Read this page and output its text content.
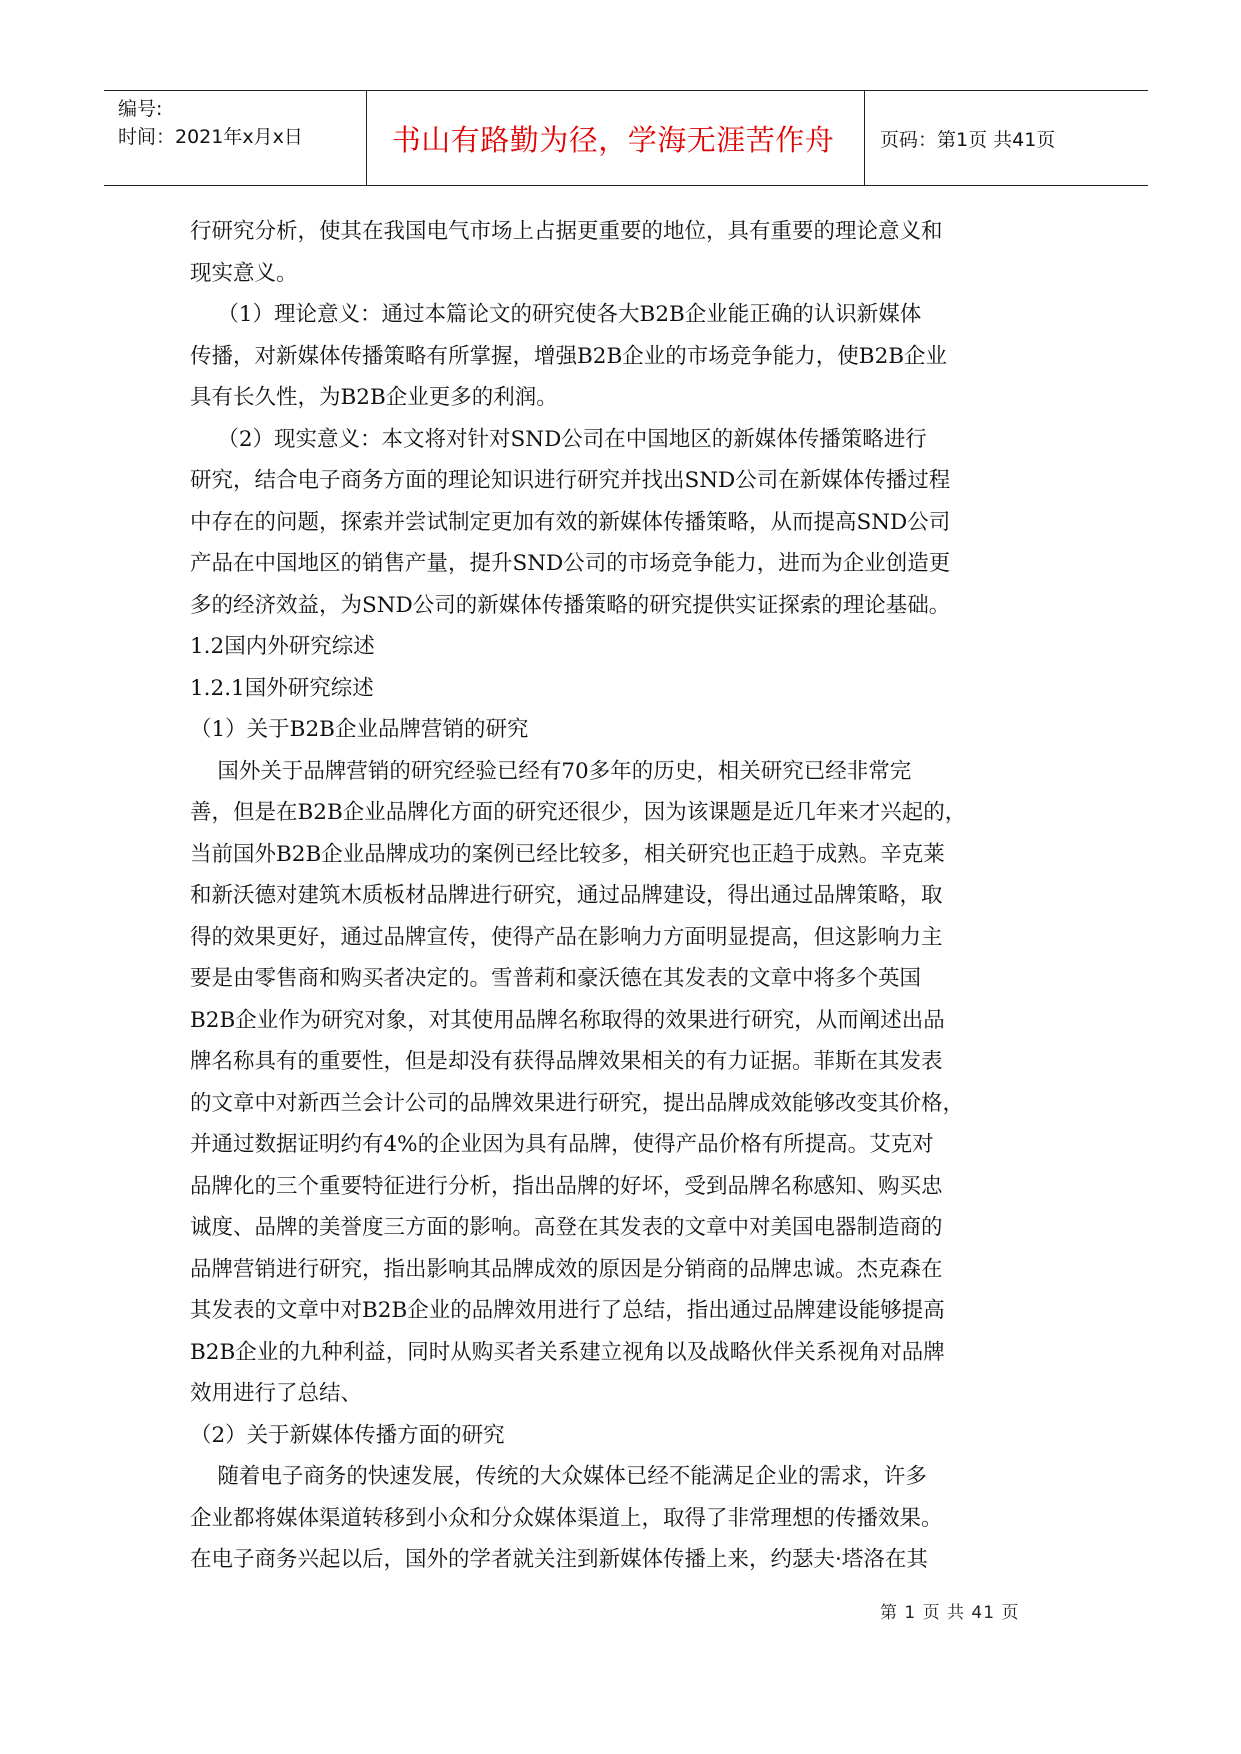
编号:
时间：2021年x月x日	书山有路勤为径，学海无涯苦作舟	页码：第1页 共41页

行研究分析，使其在我国电气市场上占据更重要的地位，具有重要的理论意义和

现实意义。

（1）理论意义：通过本篇论文的研究使各大B2B企业能正确的认识新媒体

传播，对新媒体传播策略有所掌握，增强B2B企业的市场竞争能力，使B2B企业

具有长久性，为B2B企业更多的利润。

（2）现实意义：本文将对针对SND公司在中国地区的新媒体传播策略进行

研究，结合电子商务方面的理论知识进行研究并找出SND公司在新媒体传播过程

中存在的问题，探索并尝试制定更加有效的新媒体传播策略，从而提高SND公司

产品在中国地区的销售产量，提升SND公司的市场竞争能力，进而为企业创造更

多的经济效益，为SND公司的新媒体传播策略的研究提供实证探索的理论基础。

1.2国内外研究综述

1.2.1国外研究综述

（1）关于B2B企业品牌营销的研究

国外关于品牌营销的研究经验已经有70多年的历史，相关研究已经非常完

善，但是在B2B企业品牌化方面的研究还很少，因为该课题是近几年来才兴起的，

当前国外B2B企业品牌成功的案例已经比较多，相关研究也正趋于成熟。辛克莱

和新沃德对建筑木质板材品牌进行研究，通过品牌建设，得出通过品牌策略，取

得的效果更好，通过品牌宣传，使得产品在影响力方面明显提高，但这影响力主

要是由零售商和购买者决定的。雪普莉和豪沃德在其发表的文章中将多个英国

B2B企业作为研究对象，对其使用品牌名称取得的效果进行研究，从而阐述出品

牌名称具有的重要性，但是却没有获得品牌效果相关的有力证据。菲斯在其发表

的文章中对新西兰会计公司的品牌效果进行研究，提出品牌成效能够改变其价格，

并通过数据证明约有4%的企业因为具有品牌，使得产品价格有所提高。艾克对

品牌化的三个重要特征进行分析，指出品牌的好坏，受到品牌名称感知、购买忠

诚度、品牌的美誉度三方面的影响。高登在其发表的文章中对美国电器制造商的

品牌营销进行研究，指出影响其品牌成效的原因是分销商的品牌忠诚。杰克森在

其发表的文章中对B2B企业的品牌效用进行了总结，指出通过品牌建设能够提高

B2B企业的九种利益，同时从购买者关系建立视角以及战略伙伴关系视角对品牌

效用进行了总结、

（2）关于新媒体传播方面的研究

随着电子商务的快速发展，传统的大众媒体已经不能满足企业的需求，许多

企业都将媒体渠道转移到小众和分众媒体渠道上，取得了非常理想的传播效果。

在电子商务兴起以后，国外的学者就关注到新媒体传播上来，约瑟夫·塔洛在其

第 1 页 共 41 页
